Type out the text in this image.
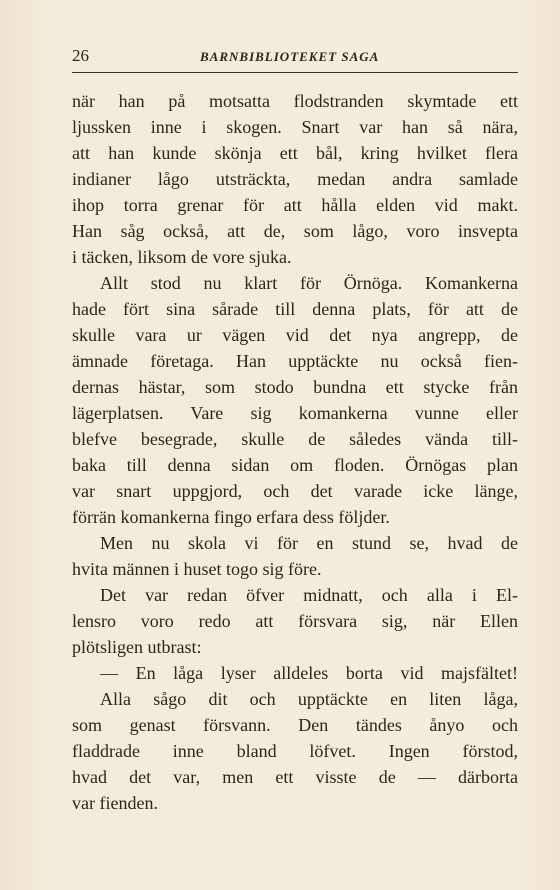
26	BARNBIBLIOTEKET SAGA
när han på motsatta flodstranden skymtade ett
ljussken inne i skogen. Snart var han så nära,
att han kunde skönja ett bål, kring hvilket flera
indianer lågo utsträckta, medan andra samlade
ihop torra grenar för att hålla elden vid makt.
Han såg också, att de, som lågo, voro insvepta
i täcken, liksom de vore sjuka.
Allt stod nu klart för Örnöga. Komankerna
hade fört sina sårade till denna plats, för att de
skulle vara ur vägen vid det nya angrepp, de
ämnade företaga. Han upptäckte nu också fien-
dernas hästar, som stodo bundna ett stycke från
lägerplatsen. Vare sig komankerna vunne eller
blefve besegrade, skulle de således vända till-
baka till denna sidan om floden. Örnögas plan
var snart uppgjord, och det varade icke länge,
förrän komankerna fingo erfara dess följder.
Men nu skola vi för en stund se, hvad de
hvita männen i huset togo sig före.
Det var redan öfver midnatt, och alla i El-
lensro voro redo att försvara sig, när Ellen
plötsligen utbrast:
— En låga lyser alldeles borta vid majsfältet!
Alla sågo dit och upptäckte en liten låga,
som genast försvann. Den tändes ånyo och
fladdrade inne bland löfvet. Ingen förstod,
hvad det var, men ett visste de — därborta
var fienden.
